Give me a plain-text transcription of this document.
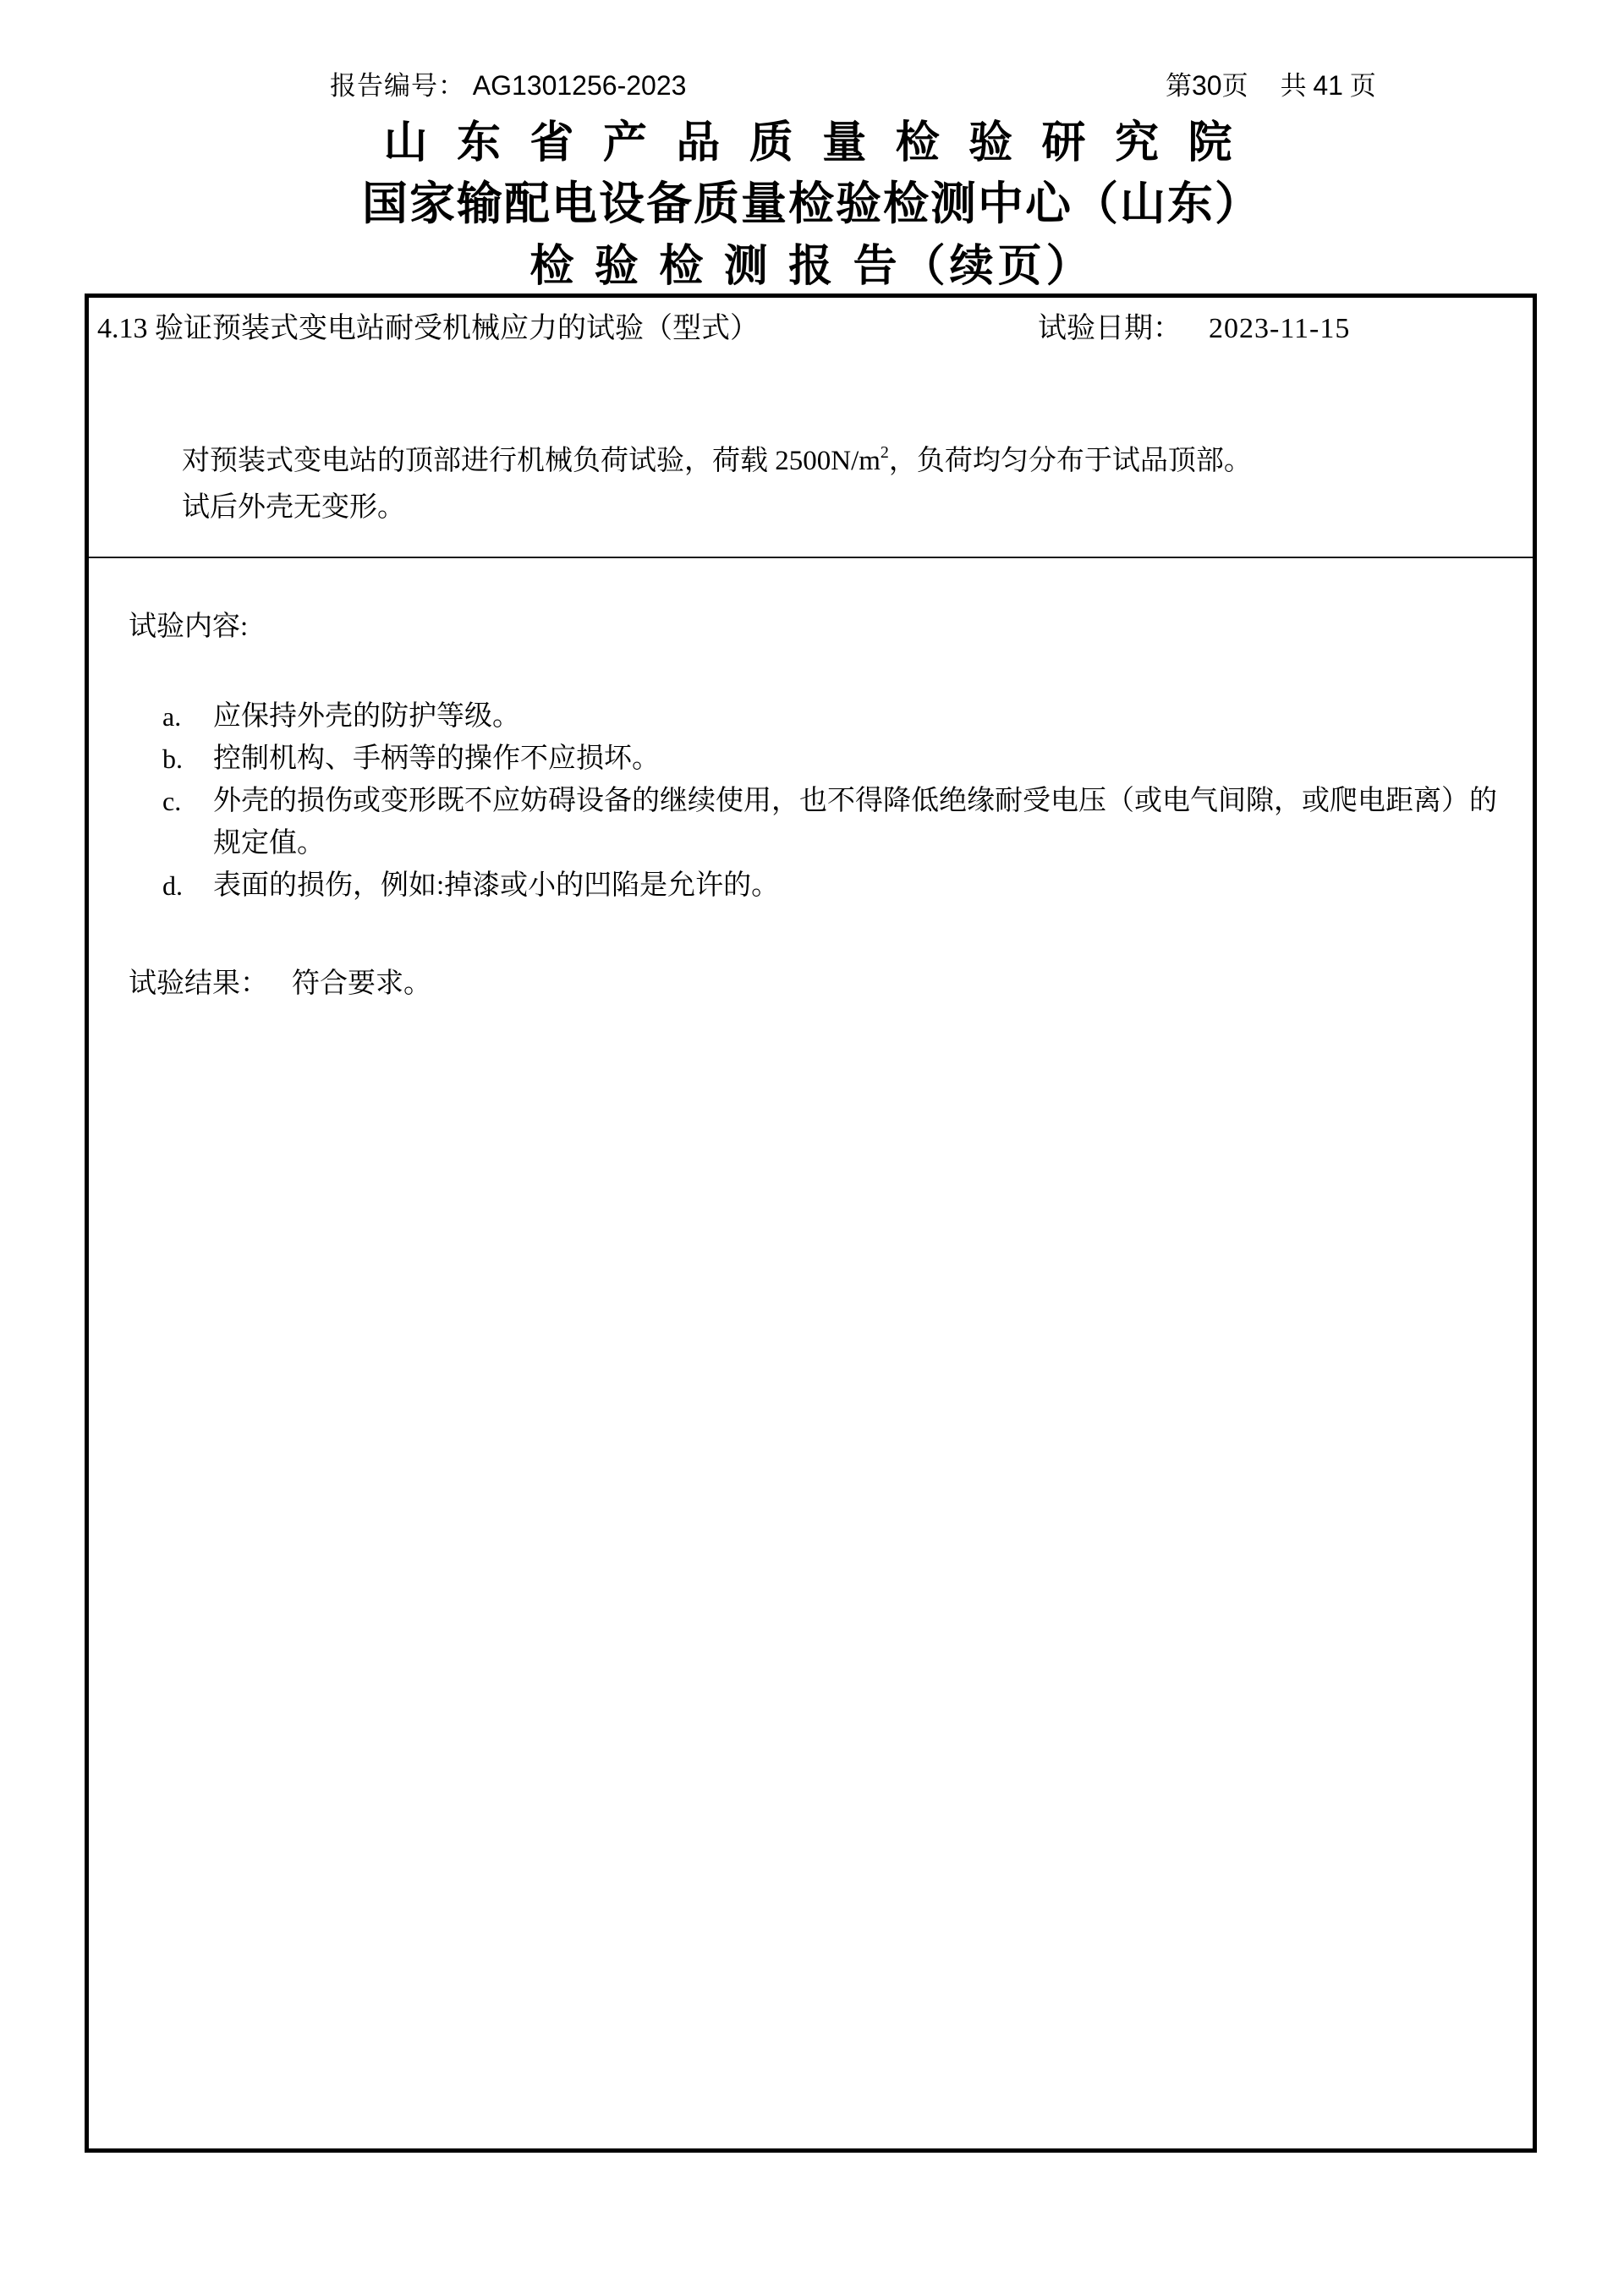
报告编号： AG1301256-2023	第30页 共 41 页
山 东 省 产 品 质 量 检 验 研 究 院
国家输配电设备质量检验检测中心（山东）
检 验 检 测 报 告（续页）
4.13 验证预装式变电站耐受机械应力的试验（型式）	试验日期： 2023-11-15
对预装式变电站的顶部进行机械负荷试验，荷载 $2500N/m^2$，负荷均匀分布于试品顶部。
试后外壳无变形。
试验内容:
a.	应保持外壳的防护等级。
b.	控制机构、手柄等的操作不应损坏。
c.	外壳的损伤或变形既不应妨碍设备的继续使用，也不得降低绝缘耐受电压（或电气间隙，或爬电距离）的规定值。
d.	表面的损伤，例如:掉漆或小的凹陷是允许的。
试验结果： 符合要求。
